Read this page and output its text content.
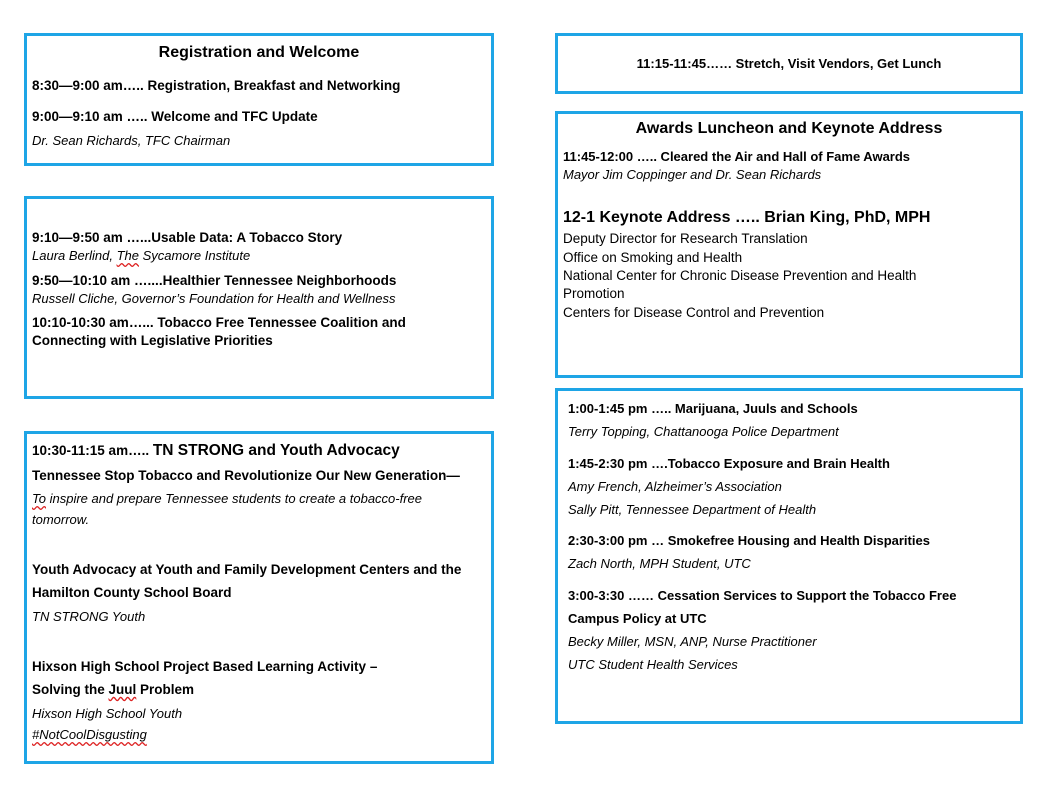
Registration and Welcome

8:30—9:00 am….. Registration, Breakfast and Networking

9:00—9:10 am ….. Welcome and TFC Update

Dr. Sean Richards, TFC Chairman

9:10—9:50 am …...Usable Data: A Tobacco Story

Laura Berlind, The Sycamore Institute

9:50—10:10 am …....Healthier Tennessee Neighborhoods

Russell Cliche, Governor’s Foundation for Health and Wellness

10:10-10:30 am…... Tobacco Free Tennessee Coalition and

Connecting with Legislative Priorities

10:30-11:15 am….. TN STRONG and Youth Advocacy

Tennessee Stop Tobacco and Revolutionize Our New Generation—

To inspire and prepare Tennessee students to create a tobacco-free

tomorrow.

Youth Advocacy at Youth and Family Development Centers and the

Hamilton County School Board

TN STRONG Youth

Hixson High School Project Based Learning Activity –

Solving the Juul Problem

Hixson High School Youth

#NotCoolDisgusting

11:15-11:45…… Stretch, Visit Vendors, Get Lunch

Awards Luncheon and Keynote Address

11:45-12:00 ….. Cleared the Air and Hall of Fame Awards

Mayor Jim Coppinger and Dr. Sean Richards

12-1 Keynote Address ….. Brian King, PhD, MPH

Deputy Director for Research Translation

Office on Smoking and Health

National Center for Chronic Disease Prevention and Health

Promotion

Centers for Disease Control and Prevention

1:00-1:45 pm ….. Marijuana, Juuls and Schools

Terry Topping, Chattanooga Police Department

1:45-2:30 pm ….Tobacco Exposure and Brain Health

Amy French, Alzheimer’s Association

Sally Pitt, Tennessee Department of Health

2:30-3:00 pm … Smokefree Housing and Health Disparities

Zach North, MPH Student, UTC

3:00-3:30 …… Cessation Services to Support the Tobacco Free

Campus Policy at UTC

Becky Miller, MSN, ANP, Nurse Practitioner

UTC Student Health Services
